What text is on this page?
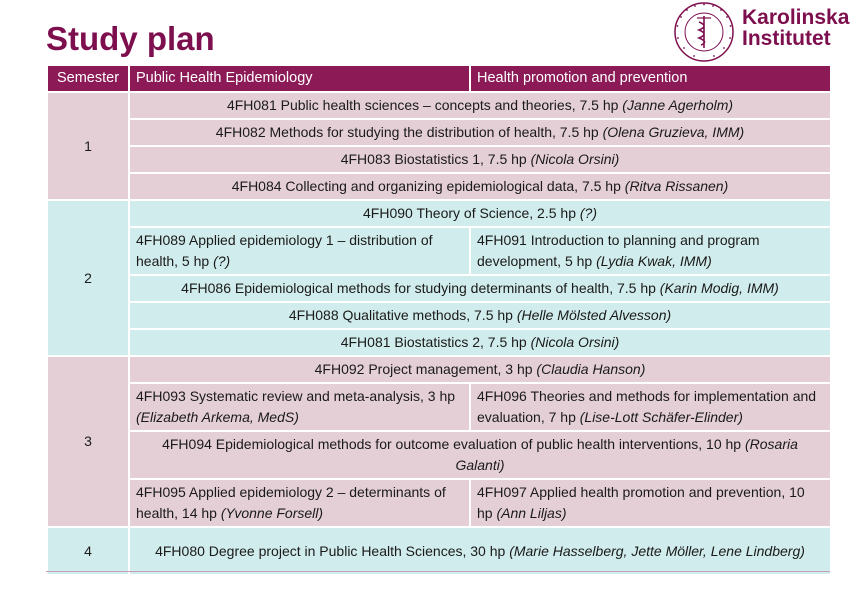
Study plan
Karolinska
Institutet
Semester	Public Health Epidemiology	Health promotion and prevention
1	4FH081 Public health sciences – concepts and theories, 7.5 hp (Janne Agerholm)	
	4FH082 Methods for studying the distribution of health, 7.5 hp (Olena Gruzieva, IMM)	
	4FH083 Biostatistics 1, 7.5 hp (Nicola Orsini)	
	4FH084 Collecting and organizing epidemiological data, 7.5 hp (Ritva Rissanen)	
2	4FH090 Theory of Science, 2.5 hp (?)	
	4FH089 Applied epidemiology 1 – distribution of health, 5 hp (?)	4FH091 Introduction to planning and program development, 5 hp (Lydia Kwak, IMM)
	4FH086 Epidemiological methods for studying determinants of health, 7.5 hp (Karin Modig, IMM)	
	4FH088 Qualitative methods, 7.5 hp (Helle Mölsted Alvesson)	
	4FH081 Biostatistics 2, 7.5 hp (Nicola Orsini)	
3	4FH092 Project management, 3 hp (Claudia Hanson)	
	4FH093 Systematic review and meta-analysis, 3 hp (Elizabeth Arkema, MedS)	4FH096 Theories and methods for implementation and evaluation, 7 hp (Lise-Lott Schäfer-Elinder)
	4FH094 Epidemiological methods for outcome evaluation of public health interventions, 10 hp (Rosaria Galanti)	
	4FH095 Applied epidemiology 2 – determinants of health, 14 hp (Yvonne Forsell)	4FH097 Applied health promotion and prevention, 10 hp (Ann Liljas)
4	4FH080 Degree project in Public Health Sciences, 30 hp (Marie Hasselberg, Jette Möller, Lene Lindberg)	
